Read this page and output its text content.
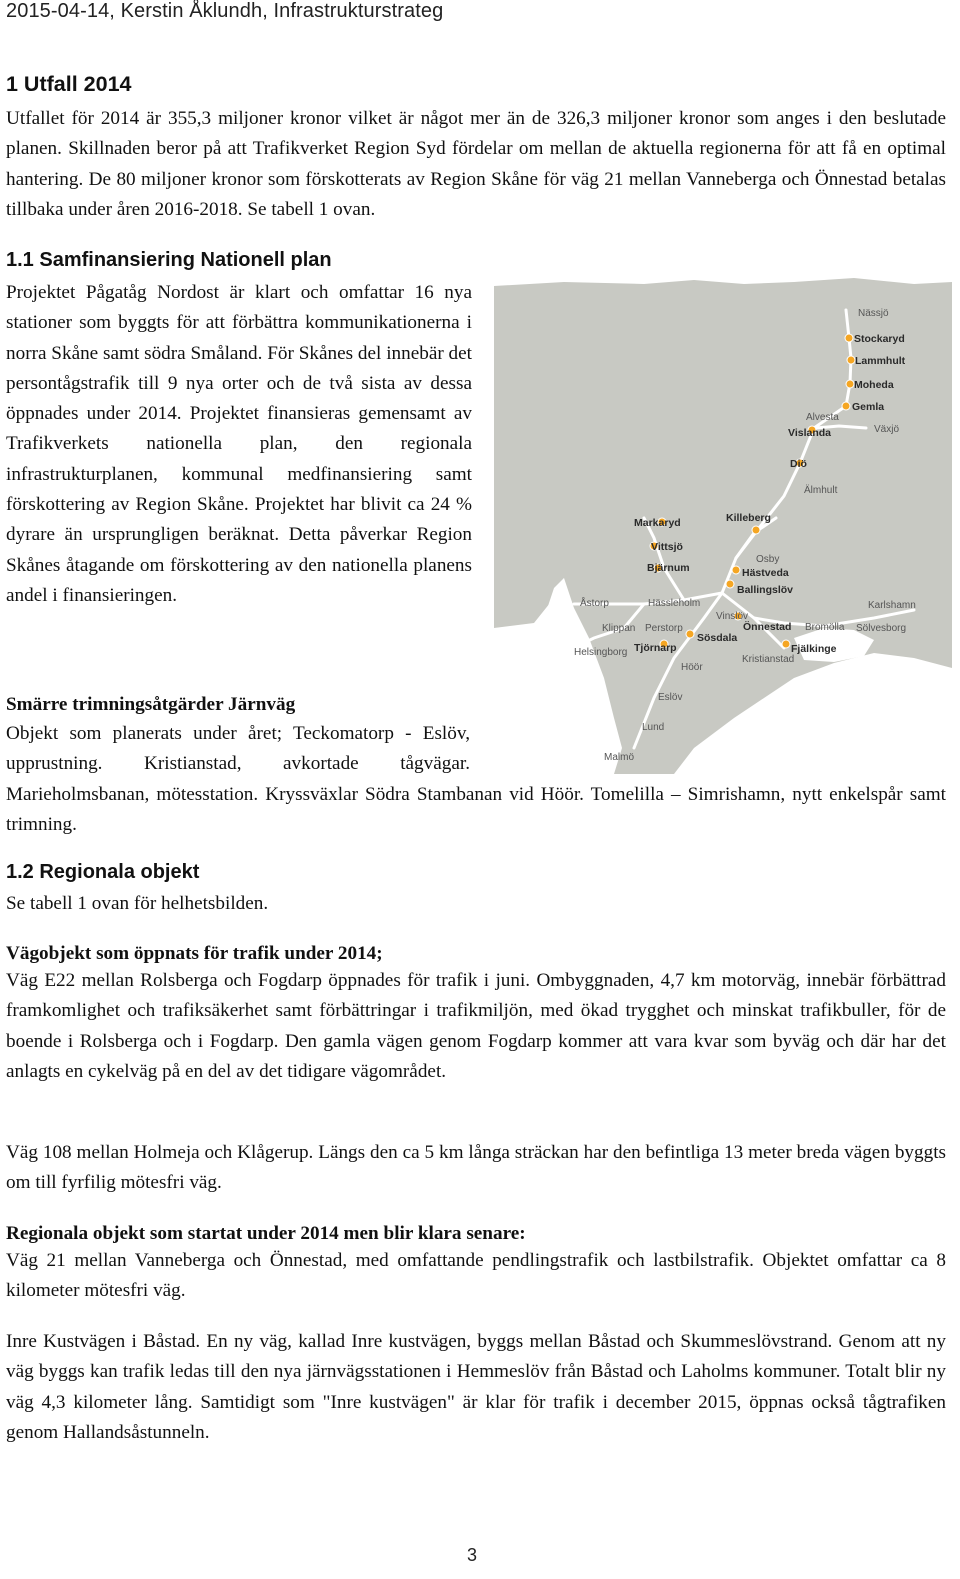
2015-04-14, Kerstin Åklundh, Infrastrukturstrateg
1 Utfall 2014

Utfallet för 2014 är 355,3 miljoner kronor vilket är något mer än de 326,3 miljoner kronor som anges i den beslutade planen. Skillnaden beror på att Trafikverket Region Syd fördelar om mellan de aktuella regionerna för att få en optimal hantering. De 80 miljoner kronor som förskotterats av Region Skåne för väg 21 mellan Vanneberga och Önnestad betalas tillbaka under åren 2016-2018. Se tabell 1 ovan.

1.1 Samfinansiering Nationell plan

Projektet Pågatåg Nordost är klart och omfattar 16 nya stationer som byggts för att förbättra kommunikationerna i norra Skåne samt södra Småland. För Skånes del innebär det persontågstrafik till 9 nya orter och de två sista av dessa öppnades under 2014. Projektet finansieras gemensamt av Trafikverkets nationella plan, den regionala infrastrukturplanen, kommunal medfinansiering samt förskottering av Region Skåne. Projektet har blivit ca 24 % dyrare än ursprungligen beräknat. Detta påverkar Region Skånes åtagande om förskottering av den nationella planens andel i finansieringen.

Smärre trimningsåtgärder Järnväg

Objekt som planerats under året; Teckomatorp - Eslöv, upprustning. Kristianstad, avkortade tågvägar. Marieholmsbanan, mötesstation. Kryssväxlar Södra Stambanan vid Höör. Tomelilla – Simrishamn, nytt enkelspår samt trimning.

Stockaryd
Lammhult
Moheda
Gemla
Vislanda
Diö
Killeberg
Markaryd
Vittsjö
Bjärnum	Hästveda
Ballingslöv
Önnestad
Sösdala
Tjörnarp	Fjälkinge
Nässjö
Alvesta
Växjö
Älmhult
Osby
Åstorp	Hässleholm
Vinslöv
Klippan Perstorp
Helsingborg
Höör
Bromölla
Karlshamn
Sölvesborg
Kristianstad
Eslöv
Lund
Malmö
1.2 Regionala objekt

Se tabell 1 ovan för helhetsbilden.

Vägobjekt som öppnats för trafik under 2014;

Väg E22 mellan Rolsberga och Fogdarp öppnades för trafik i juni. Ombyggnaden, 4,7 km motorväg, innebär förbättrad framkomlighet och trafiksäkerhet samt förbättringar i trafikmiljön, med ökad trygghet och minskat trafikbuller, för de boende i Rolsberga och i Fogdarp. Den gamla vägen genom Fogdarp kommer att vara kvar som byväg och där har det anlagts en cykelväg på en del av det tidigare vägområdet.

Väg 108 mellan Holmeja och Klågerup. Längs den ca 5 km långa sträckan har den befintliga 13 meter breda vägen byggts om till fyrfilig mötesfri väg.

Regionala objekt som startat under 2014 men blir klara senare:

Väg 21 mellan Vanneberga och Önnestad, med omfattande pendlingstrafik och lastbilstrafik. Objektet omfattar ca 8 kilometer mötesfri väg.

Inre Kustvägen i Båstad. En ny väg, kallad Inre kustvägen, byggs mellan Båstad och Skummeslövstrand. Genom att ny väg byggs kan trafik ledas till den nya järnvägsstationen i Hemmeslöv från Båstad och Laholms kommuner. Totalt blir ny väg 4,3 kilometer lång. Samtidigt som "Inre kustvägen" är klar för trafik i december 2015, öppnas också tågtrafiken genom Hallandsåstunneln.

3
